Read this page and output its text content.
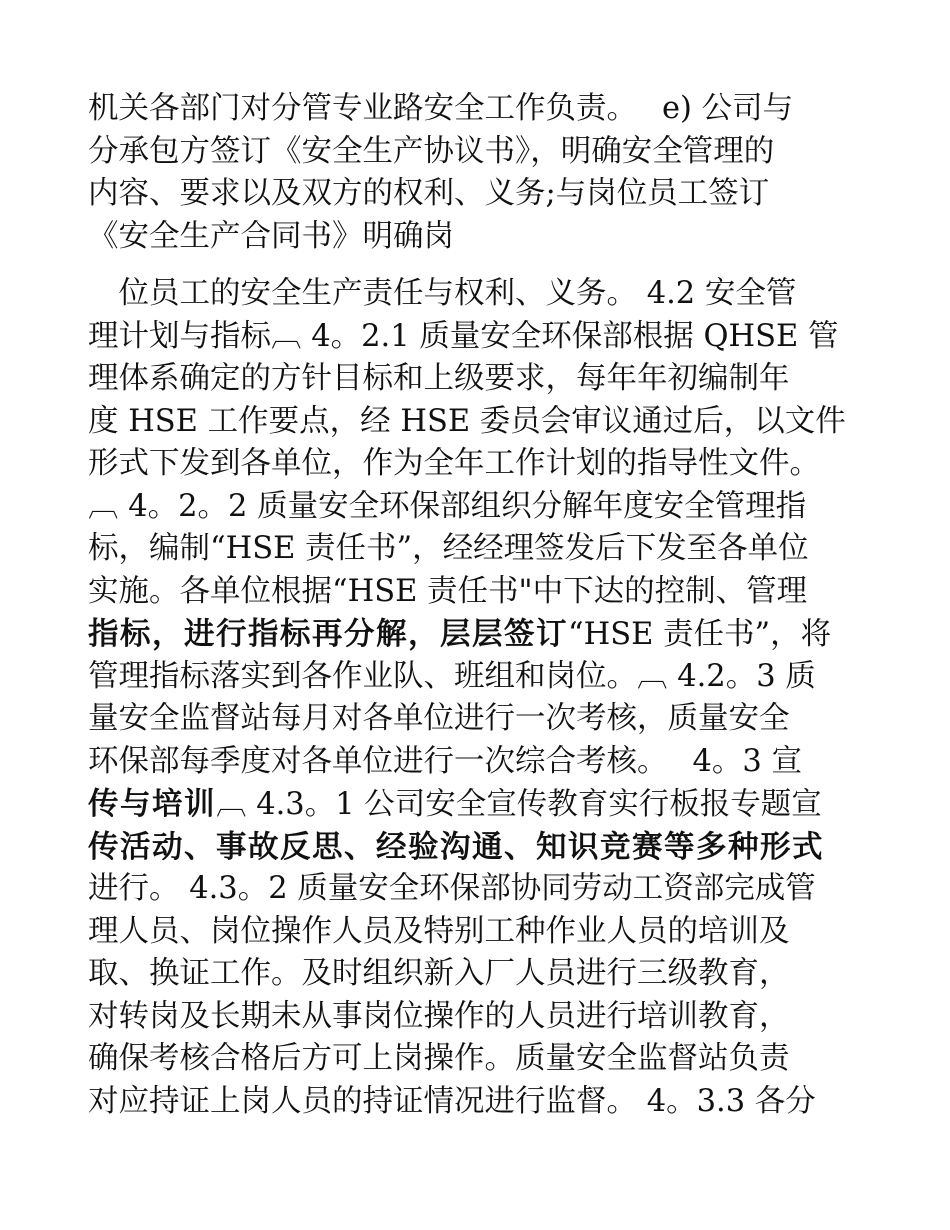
机关各部门对分管专业路安全工作负责。　 e) 公司与
分承包方签订《安全生产协议书》，明确安全管理的
内容、要求以及双方的权利、义务;与岗位员工签订
《安全生产合同书》明确岗
　位员工的安全生产责任与权利、义务。 4.2 安全管
理计划与指标︹ 4。2.1 质量安全环保部根据 QHSE 管
理体系确定的方针目标和上级要求，每年年初编制年
度 HSE 工作要点，经 HSE 委员会审议通过后，以文件
形式下发到各单位，作为全年工作计划的指导性文件。
︹ 4。2。2 质量安全环保部组织分解年度安全管理指
标，编制“HSE 责任书”，经经理签发后下发至各单位
实施。各单位根据“HSE 责任书"中下达的控制、管理
指标，进行指标再分解，层层签订“HSE 责任书”，将
管理指标落实到各作业队、班组和岗位。︹ 4.2。3 质
量安全监督站每月对各单位进行一次考核，质量安全
环保部每季度对各单位进行一次综合考核。　 4。3 宣
传与培训︹ 4.3。1 公司安全宣传教育实行板报专题宣
传活动、事故反思、经验沟通、知识竞赛等多种形式
进行。 4.3。2 质量安全环保部协同劳动工资部完成管
理人员、岗位操作人员及特别工种作业人员的培训及
取、换证工作。及时组织新入厂人员进行三级教育，
对转岗及长期未从事岗位操作的人员进行培训教育，
确保考核合格后方可上岗操作。质量安全监督站负责
对应持证上岗人员的持证情况进行监督。 4。3.3 各分
